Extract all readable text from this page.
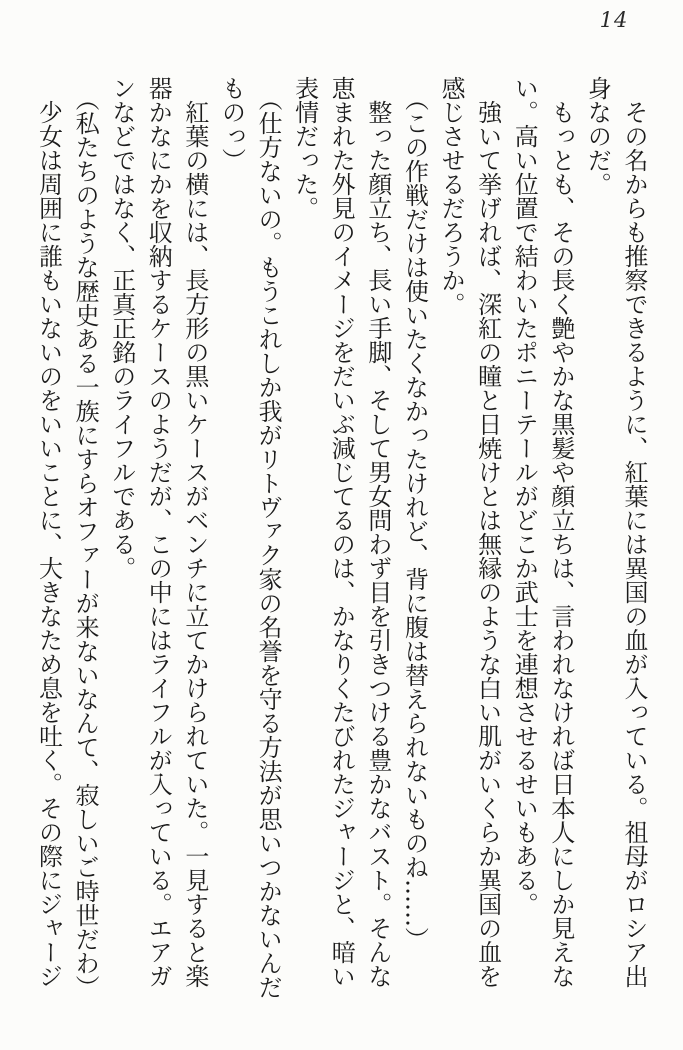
14

その名からも推察できるように、紅葉には異国の血が入っている。祖母がロシア出身なのだ。

もっとも、その長く艶やかな黒髪や顔立ちは、言われなければ日本人にしか見えない。高い位置で結わいたポニーテールがどこか武士を連想させるせいもある。

強いて挙げれば、深紅の瞳と日焼けとは無縁のような白い肌がいくらか異国の血を感じさせるだろうか。

（この作戦だけは使いたくなかったけれど、背に腹は替えられないものね……）

整った顔立ち、長い手脚、そして男女問わず目を引きつける豊かなバスト。そんな恵まれた外見のイメージをだいぶ減じてるのは、かなりくたびれたジャージと、暗い表情だった。

（仕方ないの。もうこれしか我がリトヴァク家の名誉を守る方法が思いつかないんだものっ）

紅葉の横には、長方形の黒いケースがベンチに立てかけられていた。一見すると楽器かなにかを収納するケースのようだが、この中にはライフルが入っている。エアガンなどではなく、正真正銘のライフルである。

（私たちのような歴史ある一族にすらオファーが来ないなんて、寂しいご時世だわ）

少女は周囲に誰もいないのをいいことに、大きなため息を吐く。その際にジャージ
